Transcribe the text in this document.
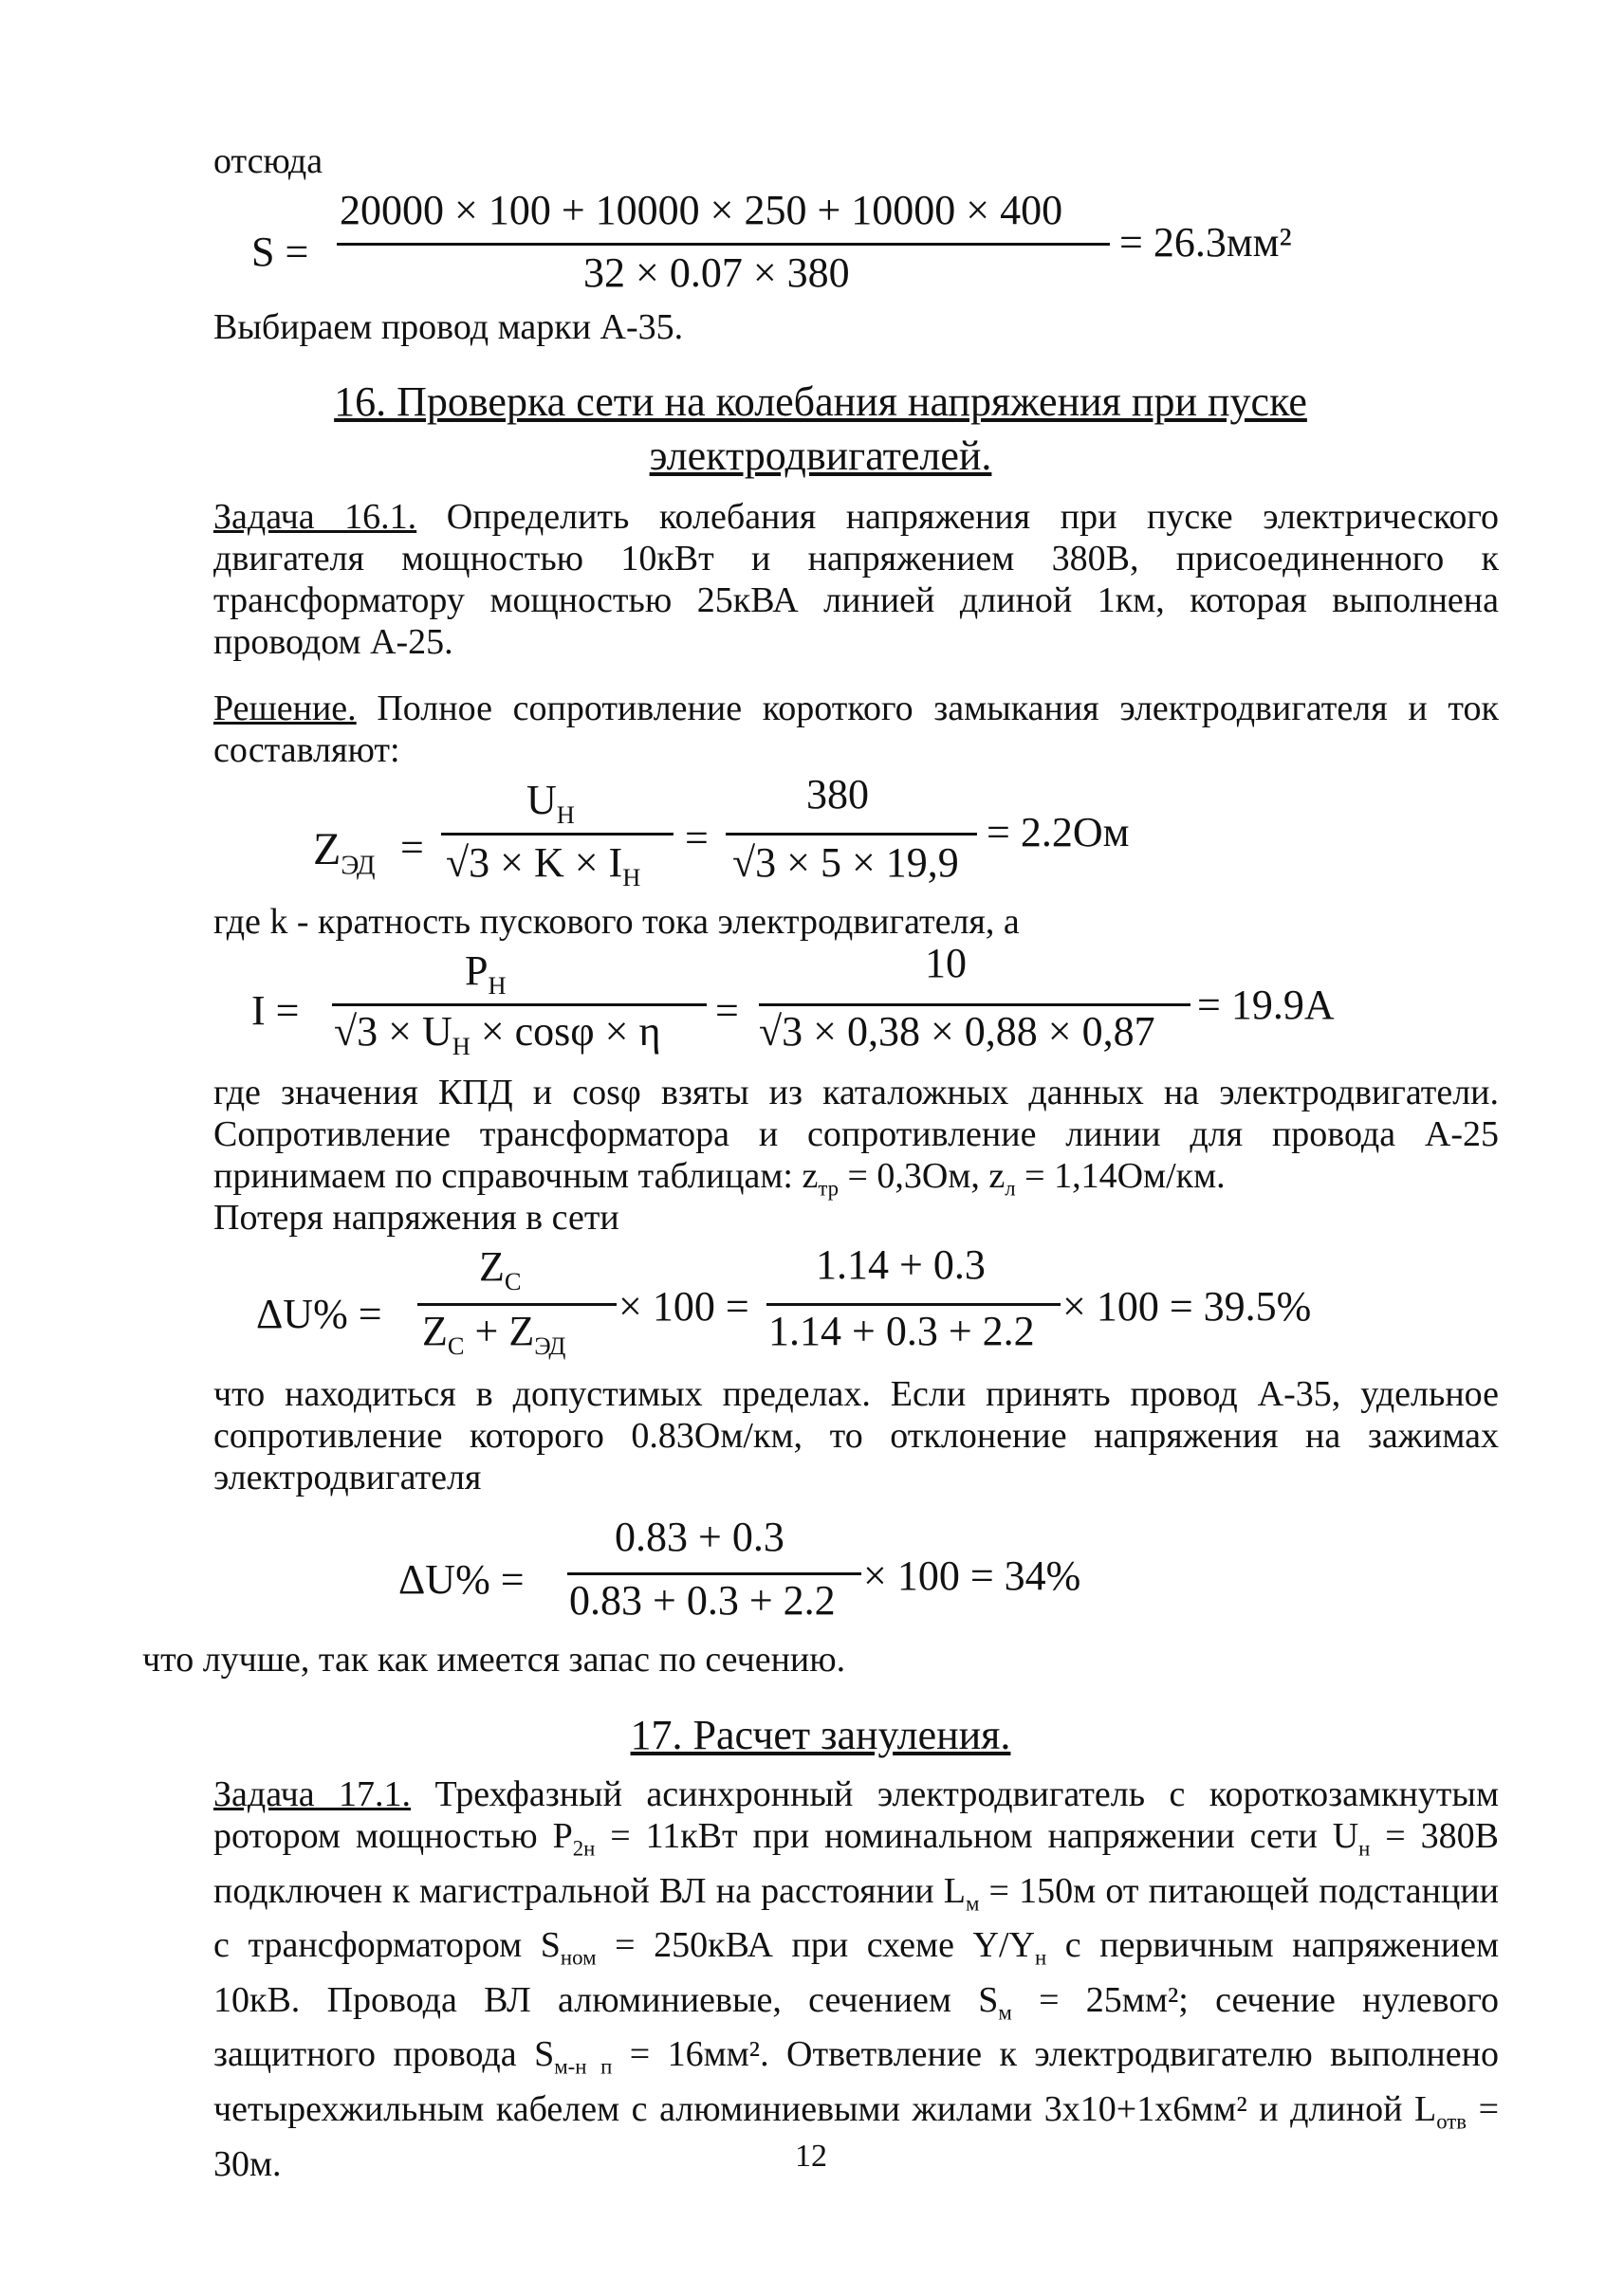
отсюда
S =
20000 × 100 + 10000 × 250 + 10000 × 400
32 × 0.07 × 380
= 26.3мм²
Выбираем провод марки А-35.
16. Проверка сети на колебания напряжения при пуске
электродвигателей.
Задача 16.1. Определить колебания напряжения при пуске электрического двигателя мощностью 10кВт и напряжением 380В, присоединенного к трансформатору мощностью 25кВА линией длиной 1км, которая выполнена проводом А-25.
Решение. Полное сопротивление короткого замыкания электродвигателя и ток составляют:
$Z_{ЭД}$ =
$U_Н$
$√3 \times K \times I_Н$
=
380
√3 × 5 × 19,9
= 2.2Ом
где k - кратность пускового тока электродвигателя, а
I =
$P_Н$
$√3 \times U_Н \times \cos\varphi \times \eta$ =
10
√3 × 0,38 × 0,88 × 0,87
= 19.9А
где значения КПД и cosφ взяты из каталожных данных на электродвигатели. Сопротивление трансформатора и сопротивление линии для провода А-25 принимаем по справочным таблицам: $z_{тр} = 0,3Ом$, $z_л = 1,14Ом/км$.
Потеря напряжения в сети
ΔU% =
$Z_C$
$Z_C + Z_{ЭД}$
× 100 =
1.14 + 0.3
1.14 + 0.3 + 2.2
× 100 = 39.5%
что находиться в допустимых пределах. Если принять провод А-35, удельное сопротивление которого 0.83Ом/км, то отклонение напряжения на зажимах электродвигателя
ΔU% =
0.83 + 0.3
0.83 + 0.3 + 2.2
× 100 = 34%
что лучше, так как имеется запас по сечению.
17. Расчет зануления.
Задача 17.1. Трехфазный асинхронный электродвигатель с короткозамкнутым ротором мощностью $P_{2н} = 11кВт$ при номинальном напряжении сети $U_н = 380В$ подключен к магистральной ВЛ на расстоянии $L_м = 150м$ от питающей подстанции с трансформатором $S_{ном} = 250кВА$ при схеме $Y/Y_н$ с первичным напряжением 10кВ. Провода ВЛ алюминиевые, сечением $S_м = 25мм^2$; сечение нулевого защитного провода $S_{м-н п} = 16мм^2$. Ответвление к электродвигателю выполнено четырехжильным кабелем с алюминиевыми жилами 3х10+1х6мм² и длиной $L_{отв} = 30м$.	12
